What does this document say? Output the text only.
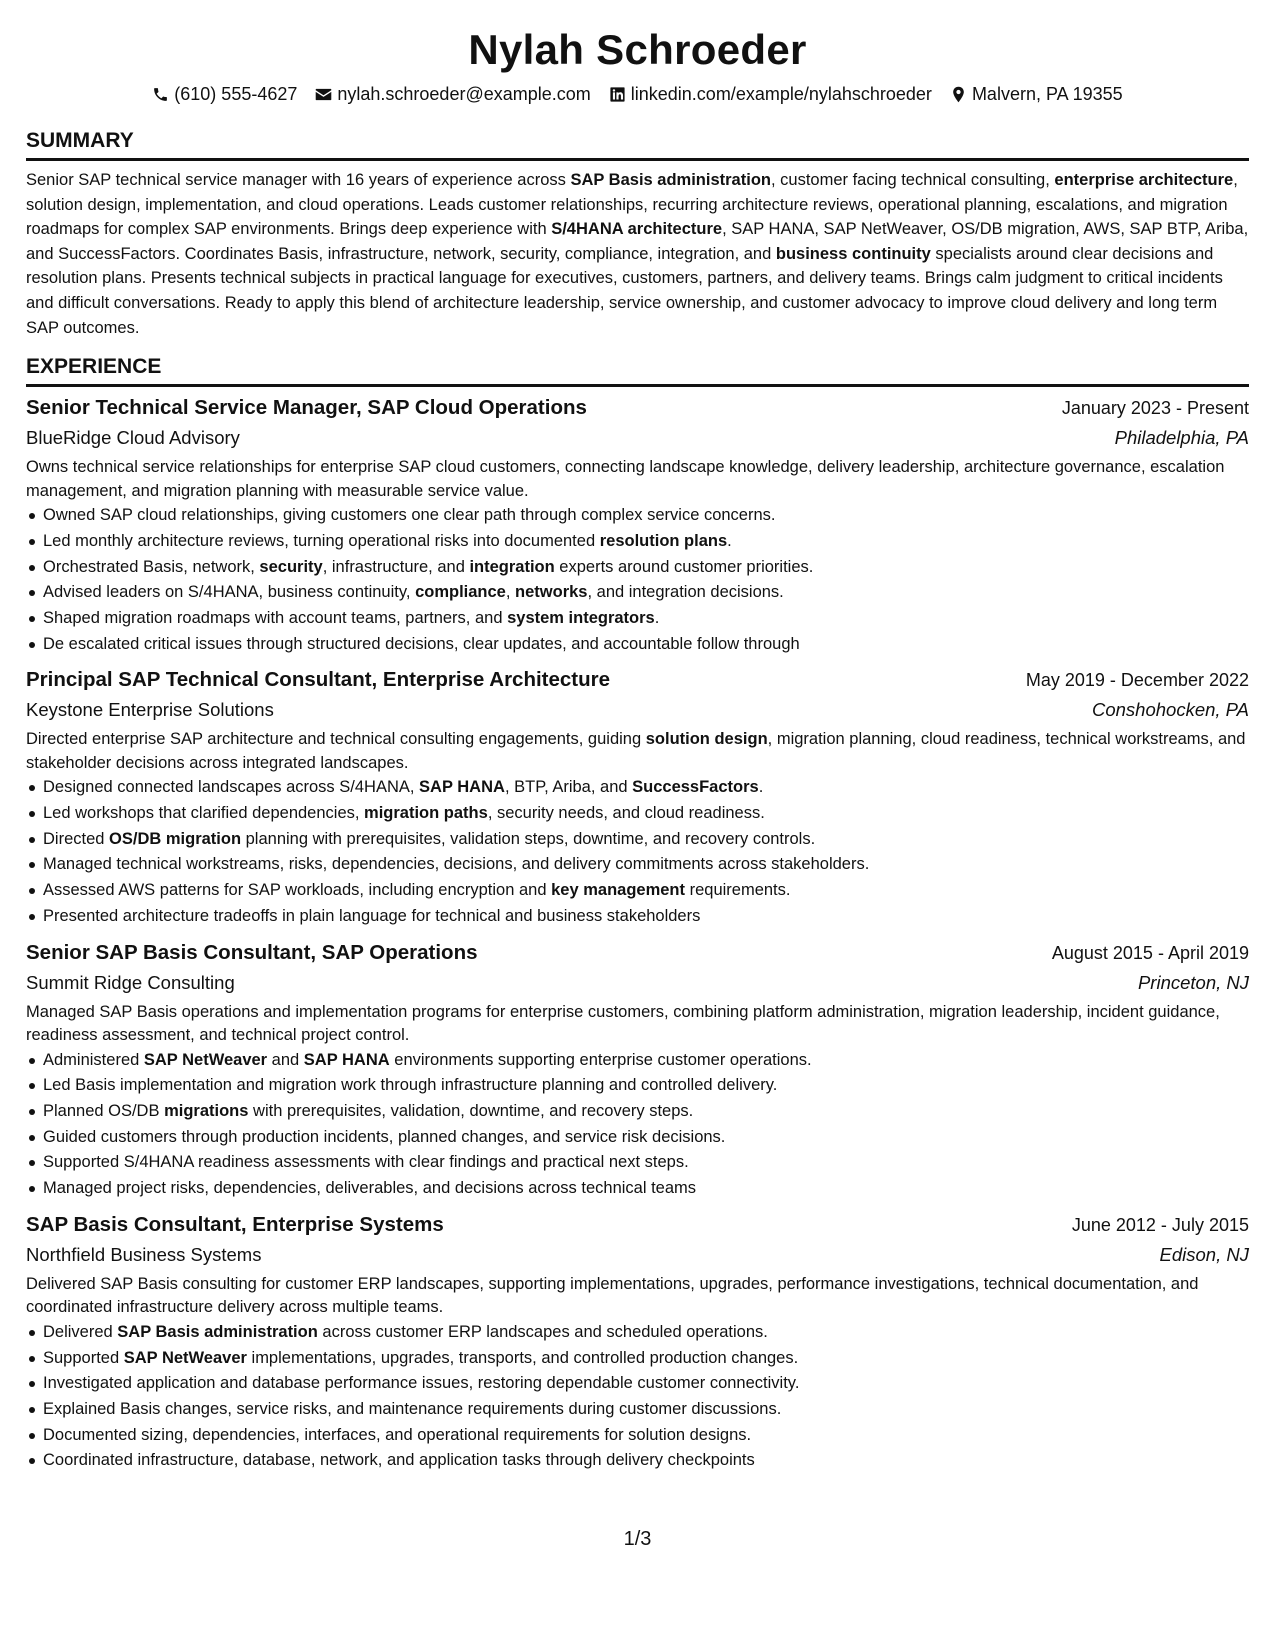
Nylah Schroeder
(610) 555-4627 nylah.schroeder@example.com linkedin.com/example/nylahschroeder Malvern, PA 19355
SUMMARY
Senior SAP technical service manager with 16 years of experience across SAP Basis administration, customer facing technical consulting, enterprise architecture, solution design, implementation, and cloud operations. Leads customer relationships, recurring architecture reviews, operational planning, escalations, and migration roadmaps for complex SAP environments. Brings deep experience with S/4HANA architecture, SAP HANA, SAP NetWeaver, OS/DB migration, AWS, SAP BTP, Ariba, and SuccessFactors. Coordinates Basis, infrastructure, network, security, compliance, integration, and business continuity specialists around clear decisions and resolution plans. Presents technical subjects in practical language for executives, customers, partners, and delivery teams. Brings calm judgment to critical incidents and difficult conversations. Ready to apply this blend of architecture leadership, service ownership, and customer advocacy to improve cloud delivery and long term SAP outcomes.
EXPERIENCE
Senior Technical Service Manager, SAP Cloud Operations	January 2023 - Present
BlueRidge Cloud Advisory	Philadelphia, PA
Owns technical service relationships for enterprise SAP cloud customers, connecting landscape knowledge, delivery leadership, architecture governance, escalation management, and migration planning with measurable service value.
Owned SAP cloud relationships, giving customers one clear path through complex service concerns.
Led monthly architecture reviews, turning operational risks into documented resolution plans.
Orchestrated Basis, network, security, infrastructure, and integration experts around customer priorities.
Advised leaders on S/4HANA, business continuity, compliance, networks, and integration decisions.
Shaped migration roadmaps with account teams, partners, and system integrators.
De escalated critical issues through structured decisions, clear updates, and accountable follow through
Principal SAP Technical Consultant, Enterprise Architecture	May 2019 - December 2022
Keystone Enterprise Solutions	Conshohocken, PA
Directed enterprise SAP architecture and technical consulting engagements, guiding solution design, migration planning, cloud readiness, technical workstreams, and stakeholder decisions across integrated landscapes.
Designed connected landscapes across S/4HANA, SAP HANA, BTP, Ariba, and SuccessFactors.
Led workshops that clarified dependencies, migration paths, security needs, and cloud readiness.
Directed OS/DB migration planning with prerequisites, validation steps, downtime, and recovery controls.
Managed technical workstreams, risks, dependencies, decisions, and delivery commitments across stakeholders.
Assessed AWS patterns for SAP workloads, including encryption and key management requirements.
Presented architecture tradeoffs in plain language for technical and business stakeholders
Senior SAP Basis Consultant, SAP Operations	August 2015 - April 2019
Summit Ridge Consulting	Princeton, NJ
Managed SAP Basis operations and implementation programs for enterprise customers, combining platform administration, migration leadership, incident guidance, readiness assessment, and technical project control.
Administered SAP NetWeaver and SAP HANA environments supporting enterprise customer operations.
Led Basis implementation and migration work through infrastructure planning and controlled delivery.
Planned OS/DB migrations with prerequisites, validation, downtime, and recovery steps.
Guided customers through production incidents, planned changes, and service risk decisions.
Supported S/4HANA readiness assessments with clear findings and practical next steps.
Managed project risks, dependencies, deliverables, and decisions across technical teams
SAP Basis Consultant, Enterprise Systems	June 2012 - July 2015
Northfield Business Systems	Edison, NJ
Delivered SAP Basis consulting for customer ERP landscapes, supporting implementations, upgrades, performance investigations, technical documentation, and coordinated infrastructure delivery across multiple teams.
Delivered SAP Basis administration across customer ERP landscapes and scheduled operations.
Supported SAP NetWeaver implementations, upgrades, transports, and controlled production changes.
Investigated application and database performance issues, restoring dependable customer connectivity.
Explained Basis changes, service risks, and maintenance requirements during customer discussions.
Documented sizing, dependencies, interfaces, and operational requirements for solution designs.
Coordinated infrastructure, database, network, and application tasks through delivery checkpoints
1/3
